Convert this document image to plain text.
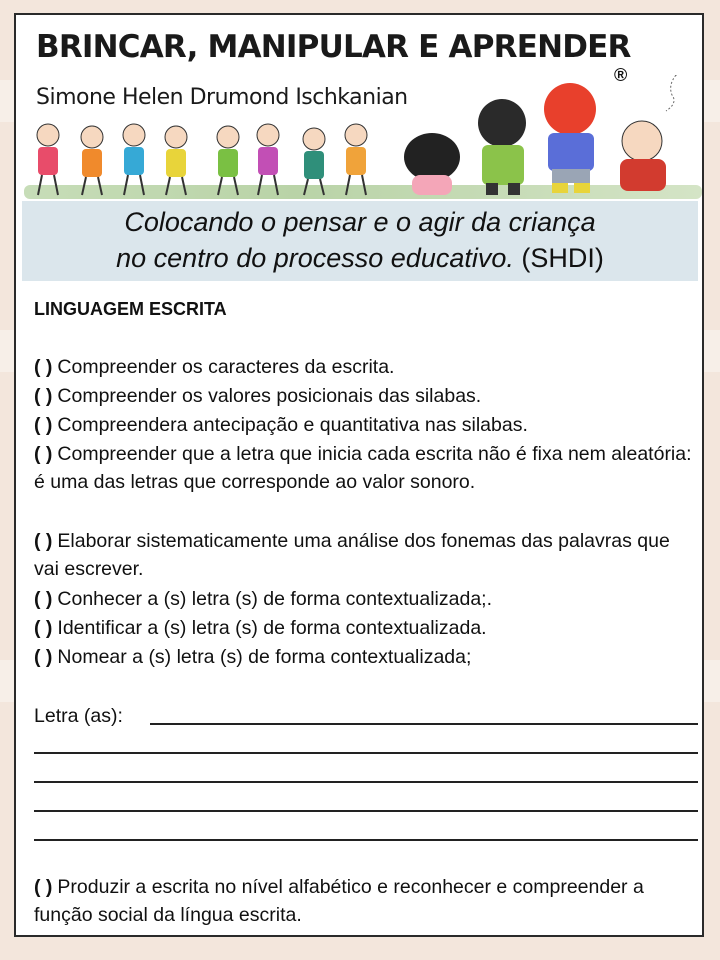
BRINCAR, MANIPULAR E APRENDER
®
Simone Helen Drumond Ischkanian
Colocando o pensar e o agir da criança
no centro do processo educativo. (SHDI)
LINGUAGEM ESCRITA
( ) Compreender os caracteres da escrita.
( ) Compreender os valores posicionais das silabas.
( ) Compreendera antecipação e quantitativa nas silabas.
( ) Compreender que a letra que inicia cada escrita não é fixa nem aleatória: é uma das letras que corresponde ao valor sonoro.
( ) Elaborar sistematicamente uma análise dos fonemas das palavras que vai escrever.
( ) Conhecer a (s) letra (s) de forma contextualizada;.
( ) Identificar a (s) letra (s) de forma contextualizada.
( ) Nomear a (s) letra (s) de forma contextualizada;
Letra (as):
( ) Produzir a escrita no nível alfabético e reconhecer e compreender a função social da língua escrita.
